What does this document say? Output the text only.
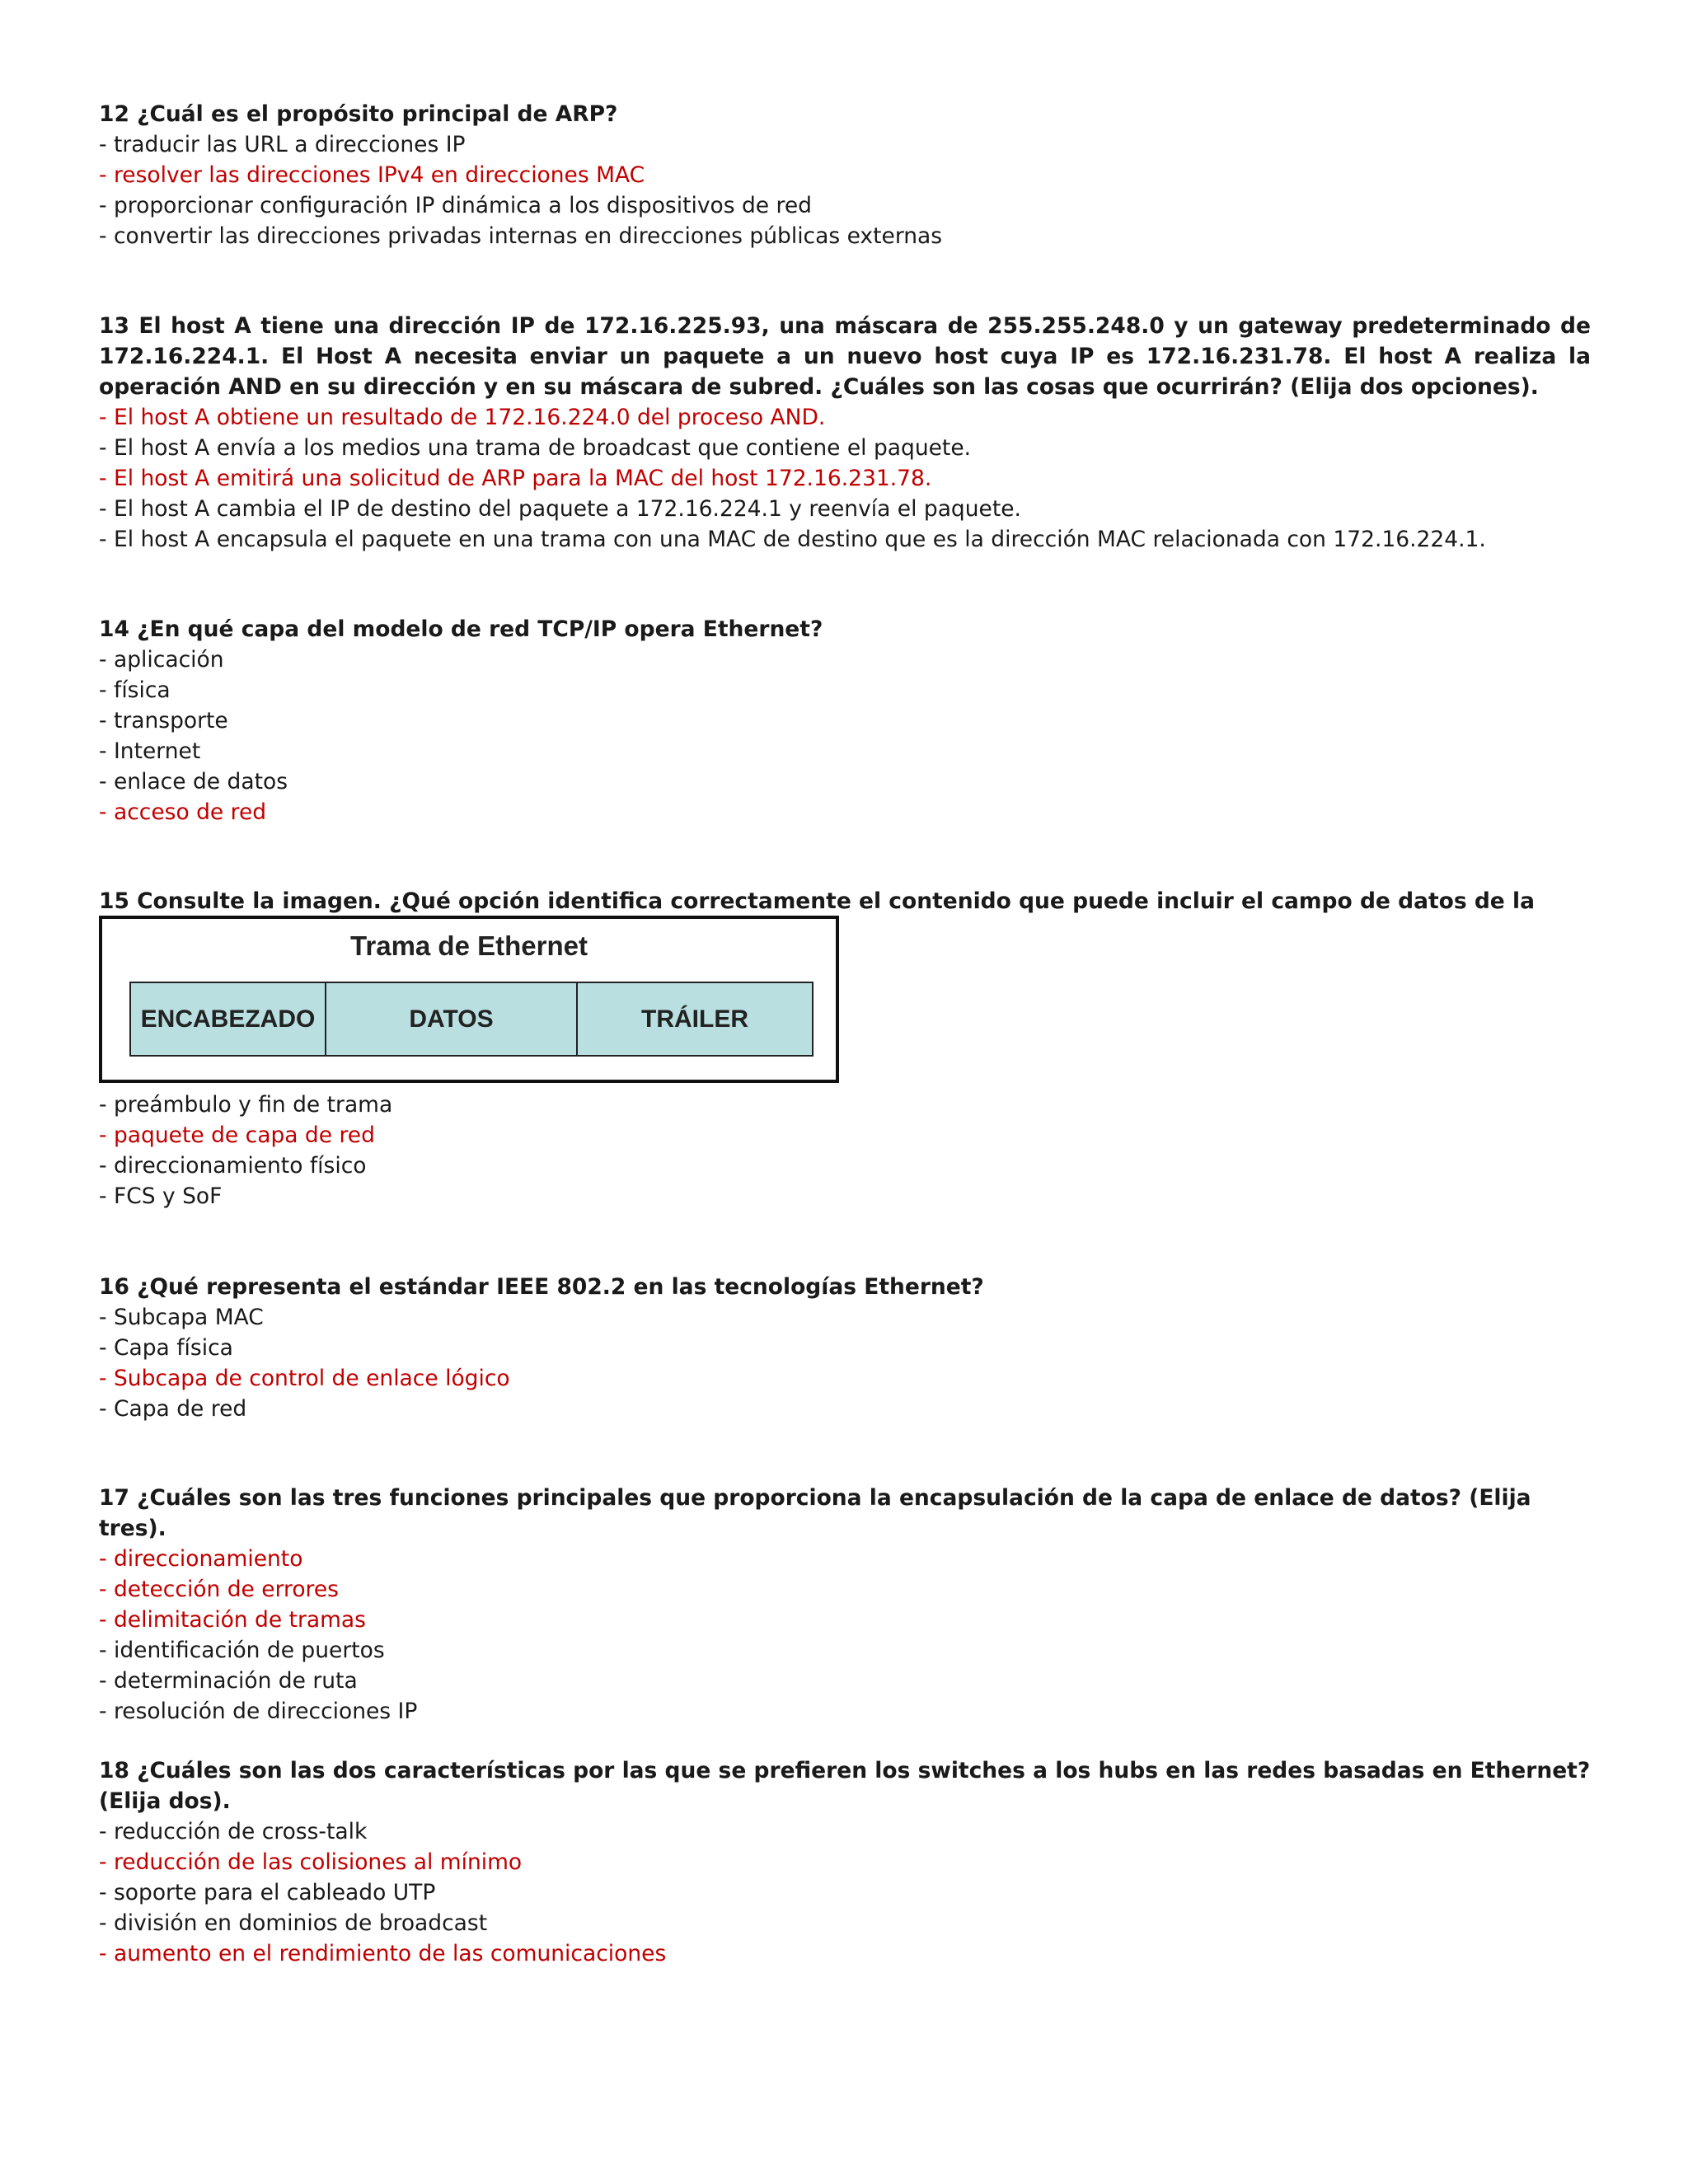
12 ¿Cuál es el propósito principal de ARP?
- traducir las URL a direcciones IP
- resolver las direcciones IPv4 en direcciones MAC
- proporcionar configuración IP dinámica a los dispositivos de red
- convertir las direcciones privadas internas en direcciones públicas externas
13 El host A tiene una dirección IP de 172.16.225.93, una máscara de 255.255.248.0 y un gateway predeterminado de 172.16.224.1. El Host A necesita enviar un paquete a un nuevo host cuya IP es 172.16.231.78. El host A realiza la operación AND en su dirección y en su máscara de subred. ¿Cuáles son las cosas que ocurrirán? (Elija dos opciones).
- El host A obtiene un resultado de 172.16.224.0 del proceso AND.
- El host A envía a los medios una trama de broadcast que contiene el paquete.
- El host A emitirá una solicitud de ARP para la MAC del host 172.16.231.78.
- El host A cambia el IP de destino del paquete a 172.16.224.1 y reenvía el paquete.
- El host A encapsula el paquete en una trama con una MAC de destino que es la dirección MAC relacionada con 172.16.224.1.
14 ¿En qué capa del modelo de red TCP/IP opera Ethernet?
- aplicación
- física
- transporte
- Internet
- enlace de datos
- acceso de red
15 Consulte la imagen. ¿Qué opción identifica correctamente el contenido que puede incluir el campo de datos de la
Trama de Ethernet
ENCABEZADO	DATOS	TRÁILER
- preámbulo y fin de trama
- paquete de capa de red
- direccionamiento físico
- FCS y SoF
16 ¿Qué representa el estándar IEEE 802.2 en las tecnologías Ethernet?
- Subcapa MAC
- Capa física
- Subcapa de control de enlace lógico
- Capa de red
17 ¿Cuáles son las tres funciones principales que proporciona la encapsulación de la capa de enlace de datos? (Elija tres).
- direccionamiento
- detección de errores
- delimitación de tramas
- identificación de puertos
- determinación de ruta
- resolución de direcciones IP
18 ¿Cuáles son las dos características por las que se prefieren los switches a los hubs en las redes basadas en Ethernet? (Elija dos).
- reducción de cross-talk
- reducción de las colisiones al mínimo
- soporte para el cableado UTP
- división en dominios de broadcast
- aumento en el rendimiento de las comunicaciones
